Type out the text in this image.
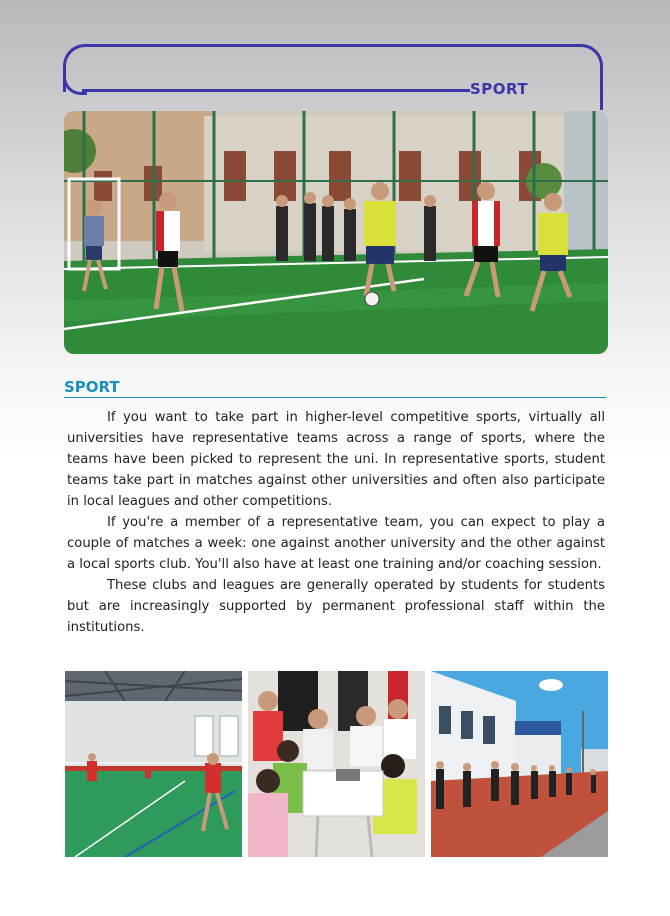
SPORT
SPORT

If you want to take part in higher-level competitive sports, virtually all universities have representative teams across a range of sports, where the teams have been picked to represent the uni. In representative sports, student teams take part in matches against other universities and often also participate in local leagues and other competitions.

If you're a member of a representative team, you can expect to play a couple of matches a week: one against another university and the other against a local sports club. You'll also have at least one training and/or coaching session.

These clubs and leagues are generally operated by students for students but are increasingly supported by permanent professional staff within the institutions.
